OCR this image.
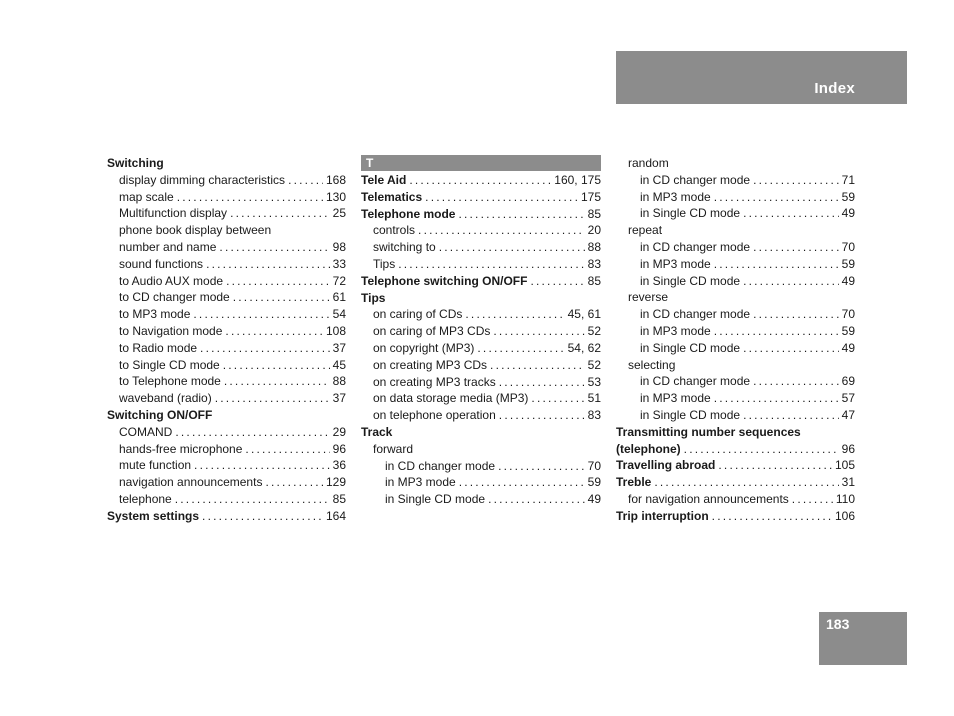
Index
Switching
display dimming characteristics .....	168
map scale .....	130
Multifunction display .....	25
phone book display between
number and name .....	98
sound functions .....	33
to Audio AUX mode .....	72
to CD changer mode .....	61
to MP3 mode .....	54
to Navigation mode .....	108
to Radio mode .....	37
to Single CD mode .....	45
to Telephone mode .....	88
waveband (radio) .....	37
Switching ON/OFF
COMAND .....	29
hands-free microphone .....	96
mute function .....	36
navigation announcements .....	129
telephone .....	85
System settings .....	164
T
Tele Aid .....	160, 175
Telematics .....	175
Telephone mode .....	85
controls .....	20
switching to .....	88
Tips .....	83
Telephone switching ON/OFF .....	85
Tips
on caring of CDs .....	45, 61
on caring of MP3 CDs .....	52
on copyright (MP3) .....	54, 62
on creating MP3 CDs .....	52
on creating MP3 tracks .....	53
on data storage media (MP3) .....	51
on telephone operation .....	83
Track
forward
in CD changer mode .....	70
in MP3 mode .....	59
in Single CD mode .....	49
random
in CD changer mode .....	71
in MP3 mode .....	59
in Single CD mode .....	49
repeat
in CD changer mode .....	70
in MP3 mode .....	59
in Single CD mode .....	49
reverse
in CD changer mode .....	70
in MP3 mode .....	59
in Single CD mode .....	49
selecting
in CD changer mode .....	69
in MP3 mode .....	57
in Single CD mode .....	47
Transmitting number sequences
(telephone) .....	96
Travelling abroad .....	105
Treble .....	31
for navigation announcements .....	110
Trip interruption .....	106
183
